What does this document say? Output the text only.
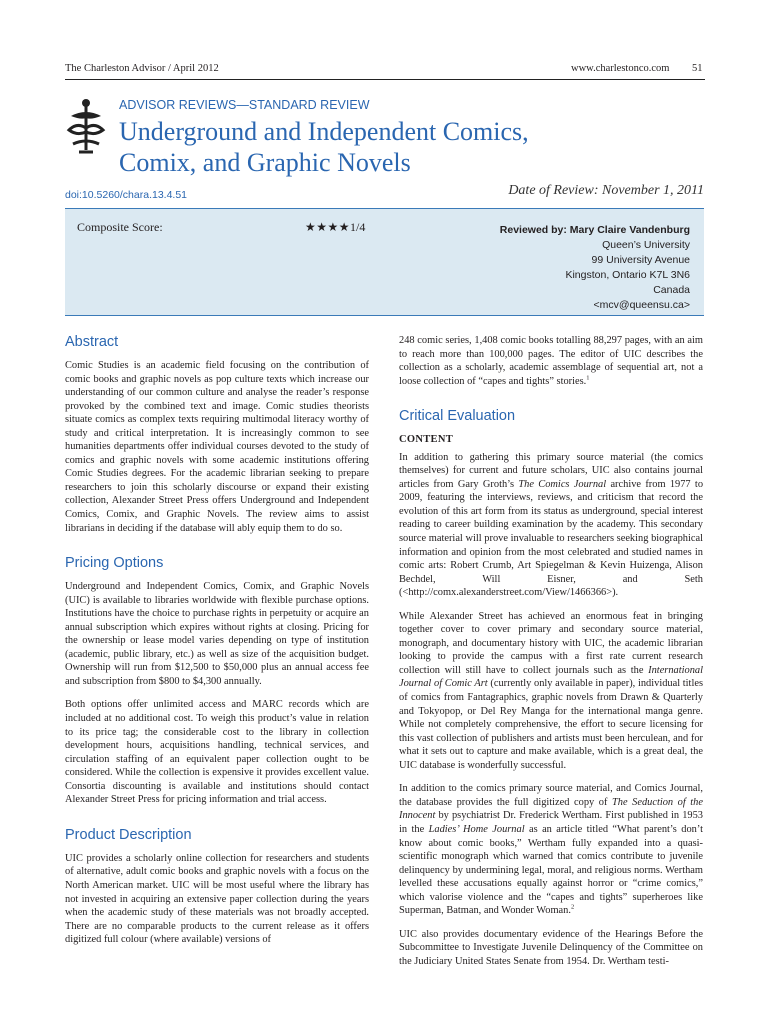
The Charleston Advisor / April 2012	www.charlestonco.com 51
ADVISOR REVIEWS—STANDARD REVIEW
Underground and Independent Comics,
Comix, and Graphic Novels
doi:10.5260/chara.13.4.51	Date of Review: November 1, 2011
Composite Score:	★★★★ 1/4	Reviewed by: Mary Claire Vandenburg
Queen’s University
99 University Avenue
Kingston, Ontario K7L 3N6
Canada
<mcv@queensu.ca>
Abstract

Comic Studies is an academic field focusing on the contribution of comic books and graphic novels as pop culture texts which increase our understanding of our common culture and analyse the reader’s response provoked by the combined text and image. Comic studies theorists situate comics as complex texts requiring multimodal literacy worthy of study and critical interpretation. It is increasingly common to see humanities departments offer individual courses devoted to the study of comics and graphic novels with some academic institutions offering Comic Studies degrees. For the academic librarian seeking to prepare researchers to join this scholarly discourse or expand their existing collection, Alexander Street Press offers Underground and Independent Comics, Comix, and Graphic Novels. The review aims to assist librarians in deciding if the database will ably equip them to do so.

Pricing Options

Underground and Independent Comics, Comix, and Graphic Novels (UIC) is available to libraries worldwide with flexible purchase options. Institutions have the choice to purchase rights in perpetuity or acquire an annual subscription which expires without rights at closing. Pricing for the ownership or lease model varies depending on type of institution (academic, public library, etc.) as well as size of the acquisition budget. Ownership will run from $12,500 to $50,000 plus an annual access fee and subscription from $800 to $4,300 annually.

Both options offer unlimited access and MARC records which are included at no additional cost. To weigh this product’s value in relation to its price tag; the considerable cost to the library in collection development hours, acquisitions handling, technical services, and circulation staffing of an equivalent paper collection ought to be considered. While the collection is expensive it provides excellent value. Consortia discounting is available and institutions should contact Alexander Street Press for pricing information and trial access.

Product Description

UIC provides a scholarly online collection for researchers and students of alternative, adult comic books and graphic novels with a focus on the North American market. UIC will be most useful where the library has not invested in acquiring an extensive paper collection during the years when the academic study of these materials was not broadly accepted. There are no comparable products to the current release as it offers digitized full colour (where available) versions of

248 comic series, 1,408 comic books totalling 88,297 pages, with an aim to reach more than 100,000 pages. The editor of UIC describes the collection as a scholarly, academic assemblage of sequential art, not a loose collection of “capes and tights” stories.$^1$

Critical Evaluation
CONTENT

In addition to gathering this primary source material (the comics themselves) for current and future scholars, UIC also contains journal articles from Gary Groth’s The Comics Journal archive from 1977 to 2009, featuring the interviews, reviews, and criticism that record the evolution of this art form from its status as underground, special interest reading to career building examination by the academy. This secondary source material will prove invaluable to researchers seeking biographical information and opinion from the most celebrated and studied names in comic arts: Robert Crumb, Art Spiegelman & Kevin Huizenga, Alison Bechdel, Will Eisner, and Seth (<http://comx.alexanderstreet.com/View/1466366>).

While Alexander Street has achieved an enormous feat in bringing together cover to cover primary and secondary source material, monograph, and documentary history with UIC, the academic librarian looking to provide the campus with a first rate current research collection will still have to collect journals such as the International Journal of Comic Art (currently only available in paper), individual titles of comics from Fantagraphics, graphic novels from Drawn & Quarterly and Tokyopop, or Del Rey Manga for the international manga genre. While not completely comprehensive, the effort to secure licensing for this vast collection of publishers and artists must been herculean, and for what it sets out to capture and make available, which is a great deal, the UIC database is wonderfully successful.

In addition to the comics primary source material, and Comics Journal, the database provides the full digitized copy of The Seduction of the Innocent by psychiatrist Dr. Frederick Wertham. First published in 1953 in the Ladies’ Home Journal as an article titled “What parent’s don’t know about comic books,” Wertham fully expanded into a quasi-scientific monograph which warned that comics contribute to juvenile delinquency by undermining legal, moral, and religious norms. Wertham levelled these accusations equally against horror or “crime comics,” which valorise violence and the “capes and tights” superheroes like Superman, Batman, and Wonder Woman.$^2$

UIC also provides documentary evidence of the Hearings Before the Subcommittee to Investigate Juvenile Delinquency of the Committee on the Judiciary United States Senate from 1954. Dr. Wertham testi-
